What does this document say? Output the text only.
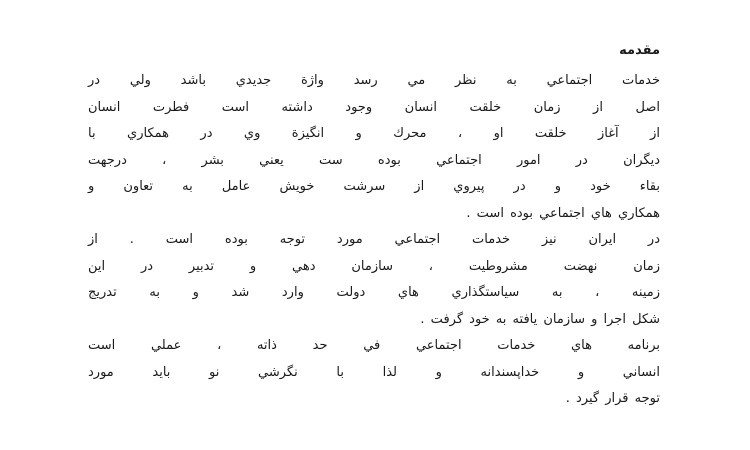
مقدمه
خدمات اجتماعي به نظر مي رسد واژة جديدي باشد ولي در
اصل از زمان خلقت انسان وجود داشته است فطرت انسان
از آغاز خلقت او ، محرك و انگيزة وي در همكاري با
ديگران در امور اجتماعي بوده ست يعني بشر ، درجهت
بقاء خود و در پيروي از سرشت خويش عامل به تعاون و
همكاري هاي اجتماعي بوده است .
در ايران نيز خدمات اجتماعي مورد توجه بوده است . از
زمان نهضت مشروطيت ، سازمان دهي و تدبير در اين
زمينه ، به سياستگذاري هاي دولت وارد شد و به تدريج
شكل اجرا و سازمان يافته به خود گرفت .
برنامه هاي خدمات اجتماعي في حد ذاته ، عملي است
انساني و خداپسندانه و لذا با نگرشي نو بايد مورد
توجه قرار گيرد .
